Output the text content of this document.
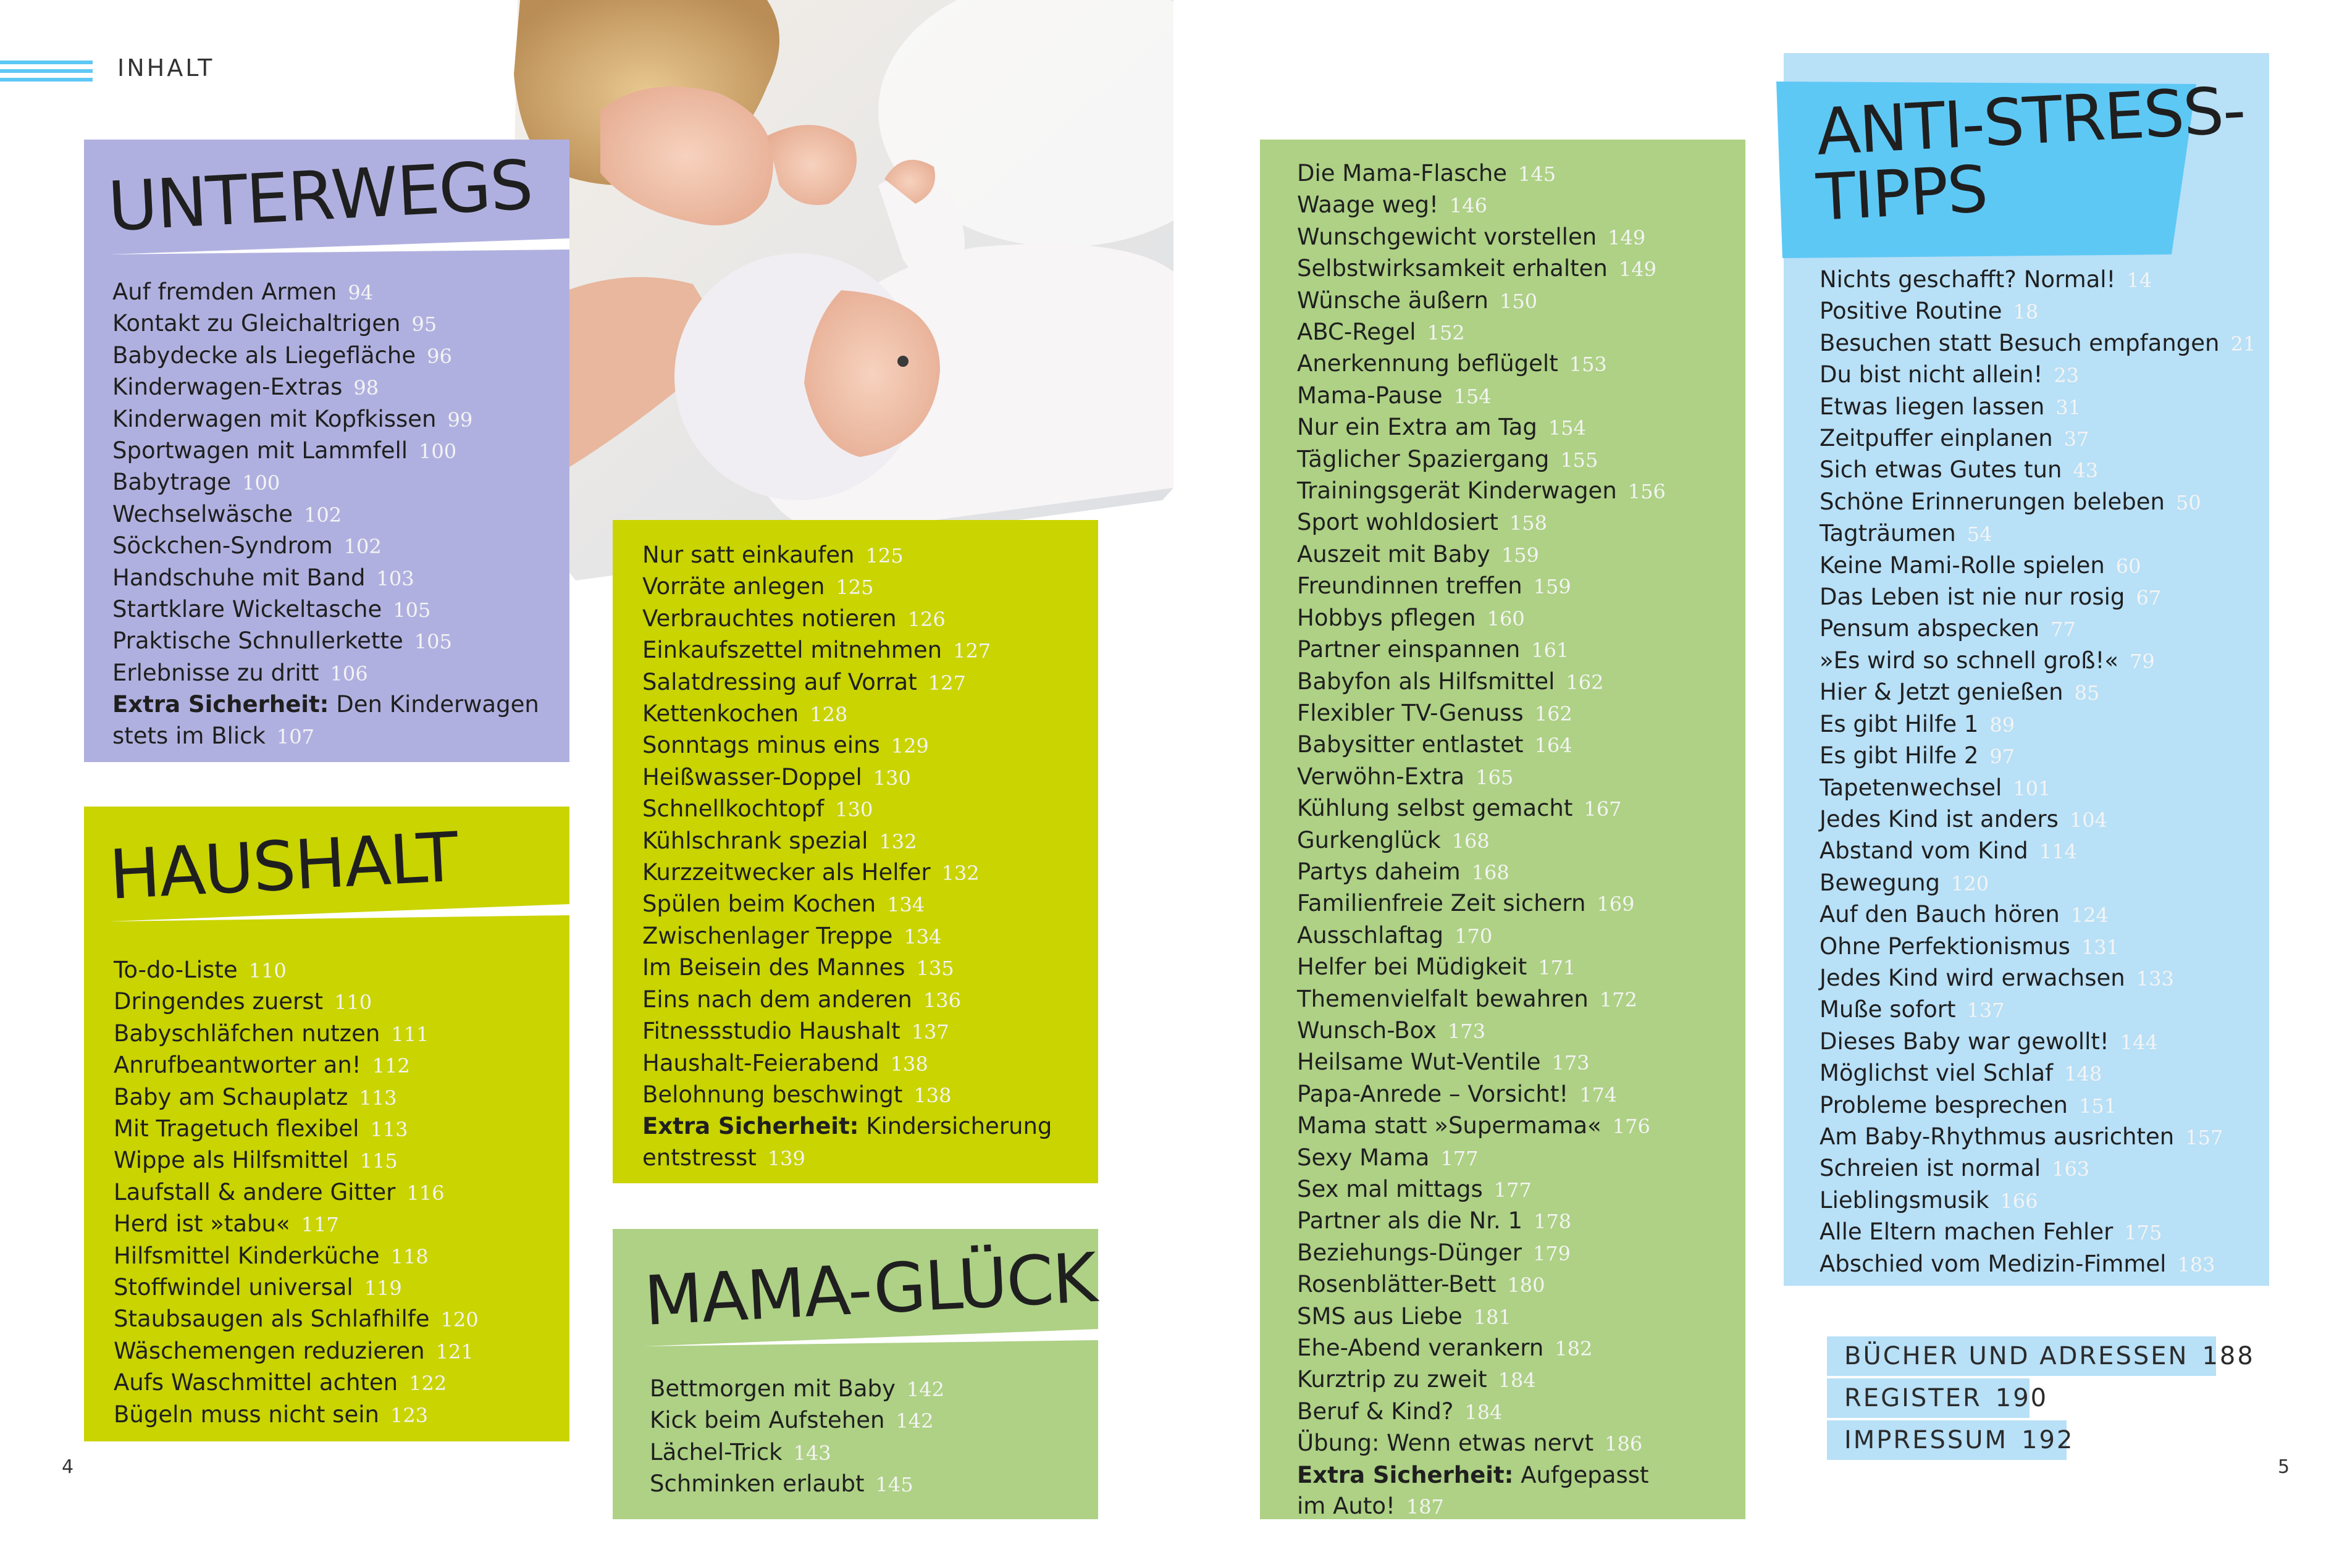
INHALT
UNTERWEGS
Auf fremden Armen 94
Kontakt zu Gleichaltrigen 95
Babydecke als Liegefläche 96
Kinderwagen-Extras 98
Kinderwagen mit Kopfkissen 99
Sportwagen mit Lammfell 100
Babytrage 100
Wechselwäsche 102
Söckchen-Syndrom 102
Handschuhe mit Band 103
Startklare Wickeltasche 105
Praktische Schnullerkette 105
Erlebnisse zu dritt 106
Extra Sicherheit: Den Kinderwagen
stets im Blick 107
HAUSHALT
To-do-Liste 110
Dringendes zuerst 110
Babyschläfchen nutzen 111
Anrufbeantworter an! 112
Baby am Schauplatz 113
Mit Tragetuch flexibel 113
Wippe als Hilfsmittel 115
Laufstall & andere Gitter 116
Herd ist »tabu« 117
Hilfsmittel Kinderküche 118
Stoffwindel universal 119
Staubsaugen als Schlafhilfe 120
Wäschemengen reduzieren 121
Aufs Waschmittel achten 122
Bügeln muss nicht sein 123
Nur satt einkaufen 125
Vorräte anlegen 125
Verbrauchtes notieren 126
Einkaufszettel mitnehmen 127
Salatdressing auf Vorrat 127
Kettenkochen 128
Sonntags minus eins 129
Heißwasser-Doppel 130
Schnellkochtopf 130
Kühlschrank spezial 132
Kurzzeitwecker als Helfer 132
Spülen beim Kochen 134
Zwischenlager Treppe 134
Im Beisein des Mannes 135
Eins nach dem anderen 136
Fitnessstudio Haushalt 137
Haushalt-Feierabend 138
Belohnung beschwingt 138
Extra Sicherheit: Kindersicherung
entstresst 139
MAMA-GLÜCK
Bettmorgen mit Baby 142
Kick beim Aufstehen 142
Lächel-Trick 143
Schminken erlaubt 145
Die Mama-Flasche 145
Waage weg! 146
Wunschgewicht vorstellen 149
Selbstwirksamkeit erhalten 149
Wünsche äußern 150
ABC-Regel 152
Anerkennung beflügelt 153
Mama-Pause 154
Nur ein Extra am Tag 154
Täglicher Spaziergang 155
Trainingsgerät Kinderwagen 156
Sport wohldosiert 158
Auszeit mit Baby 159
Freundinnen treffen 159
Hobbys pflegen 160
Partner einspannen 161
Babyfon als Hilfsmittel 162
Flexibler TV-Genuss 162
Babysitter entlastet 164
Verwöhn-Extra 165
Kühlung selbst gemacht 167
Gurkenglück 168
Partys daheim 168
Familienfreie Zeit sichern 169
Ausschlaftag 170
Helfer bei Müdigkeit 171
Themenvielfalt bewahren 172
Wunsch-Box 173
Heilsame Wut-Ventile 173
Papa-Anrede – Vorsicht! 174
Mama statt »Supermama« 176
Sexy Mama 177
Sex mal mittags 177
Partner als die Nr. 1 178
Beziehungs-Dünger 179
Rosenblätter-Bett 180
SMS aus Liebe 181
Ehe-Abend verankern 182
Kurztrip zu zweit 184
Beruf & Kind? 184
Übung: Wenn etwas nervt 186
Extra Sicherheit: Aufgepasst
im Auto! 187
ANTI-STRESS-
TIPPS
Nichts geschafft? Normal! 14
Positive Routine 18
Besuchen statt Besuch empfangen 21
Du bist nicht allein! 23
Etwas liegen lassen 31
Zeitpuffer einplanen 37
Sich etwas Gutes tun 43
Schöne Erinnerungen beleben 50
Tagträumen 54
Keine Mami-Rolle spielen 60
Das Leben ist nie nur rosig 67
Pensum abspecken 77
»Es wird so schnell groß!« 79
Hier & Jetzt genießen 85
Es gibt Hilfe 1 89
Es gibt Hilfe 2 97
Tapetenwechsel 101
Jedes Kind ist anders 104
Abstand vom Kind 114
Bewegung 120
Auf den Bauch hören 124
Ohne Perfektionismus 131
Jedes Kind wird erwachsen 133
Muße sofort 137
Dieses Baby war gewollt! 144
Möglichst viel Schlaf 148
Probleme besprechen 151
Am Baby-Rhythmus ausrichten 157
Schreien ist normal 163
Lieblingsmusik 166
Alle Eltern machen Fehler 175
Abschied vom Medizin-Fimmel 183
BÜCHER UND ADRESSEN 188
REGISTER 190
IMPRESSUM 192
4	5
